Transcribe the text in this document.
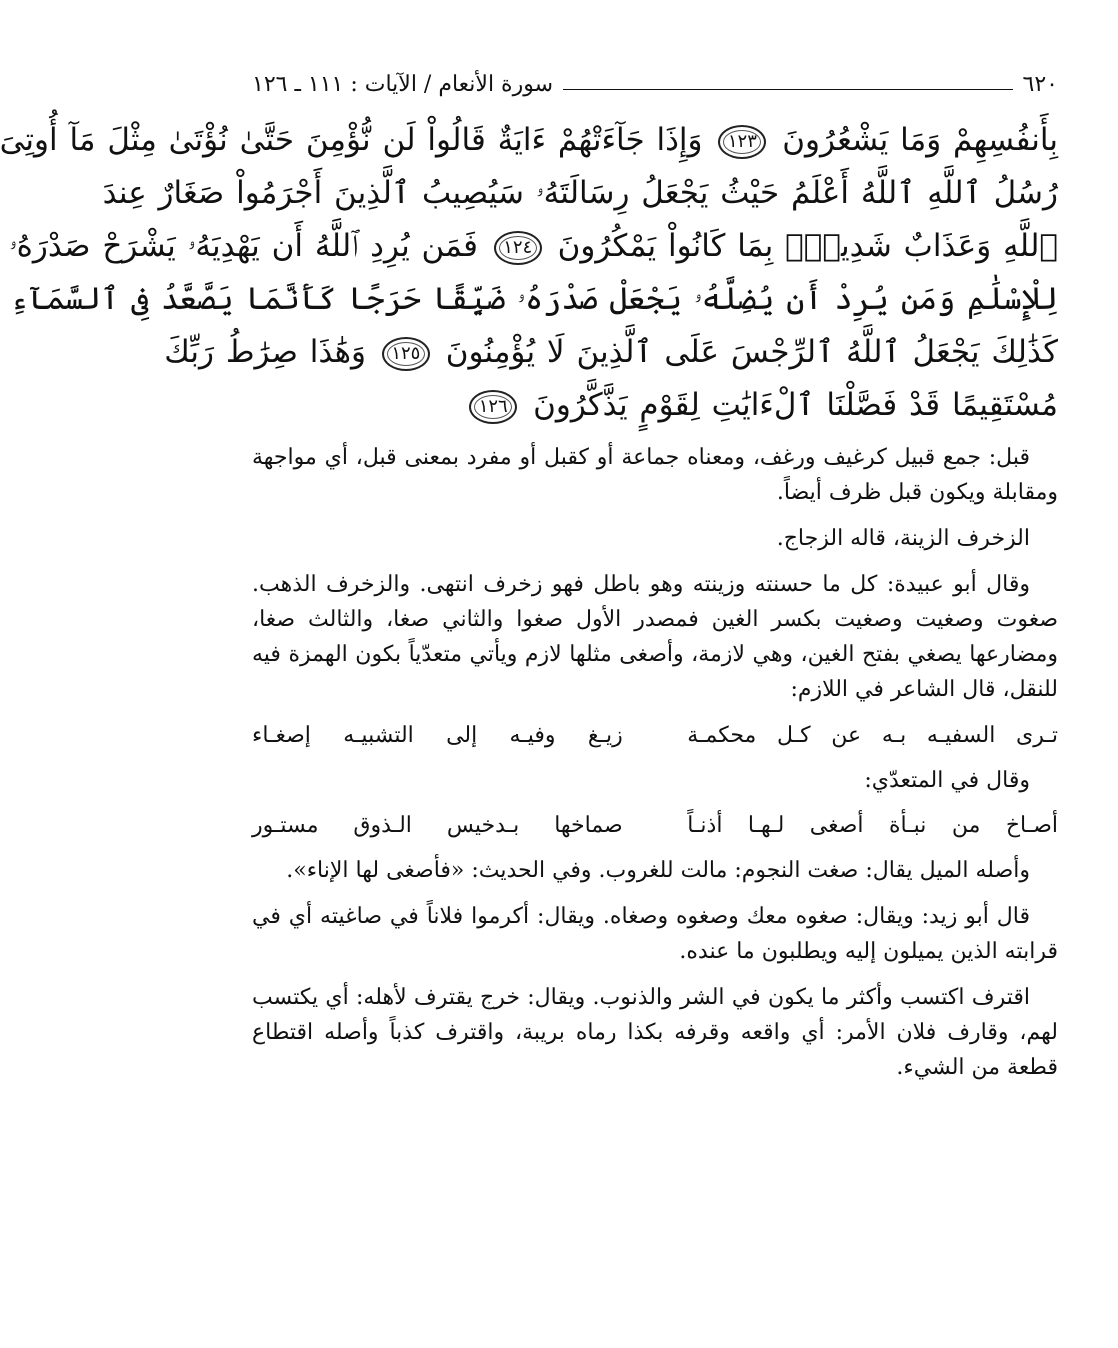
٦٢٠
سورة الأنعام / الآيات : ١١١ ـ ١٢٦
بِأَنفُسِهِمْ وَمَا يَشْعُرُونَ
١٢٣
وَإِذَا جَآءَتْهُمْ ءَايَةٌ قَالُواْ لَن نُّؤْمِنَ حَتَّىٰ نُؤْتَىٰ مِثْلَ مَآ أُوتِىَ
رُسُلُ ٱللَّهِ ٱللَّهُ أَعْلَمُ حَيْثُ يَجْعَلُ رِسَالَتَهُۥ سَيُصِيبُ ٱلَّذِينَ أَجْرَمُواْ صَغَارٌ عِندَ
ٱللَّهِ وَعَذَابٌ شَدِيدٌۢ بِمَا كَانُواْ يَمْكُرُونَ
١٢٤
فَمَن يُرِدِ ٱللَّهُ أَن يَهْدِيَهُۥ يَشْرَحْ صَدْرَهُۥ
لِلْإِسْلَٰمِ وَمَن يُرِدْ أَن يُضِلَّهُۥ يَجْعَلْ صَدْرَهُۥ ضَيِّقًا حَرَجًا كَأَنَّمَا يَصَّعَّدُ فِى ٱلسَّمَآءِ
كَذَٰلِكَ يَجْعَلُ ٱللَّهُ ٱلرِّجْسَ عَلَى ٱلَّذِينَ لَا يُؤْمِنُونَ
١٢٥
وَهَٰذَا صِرَٰطُ رَبِّكَ
مُسْتَقِيمًا قَدْ فَصَّلْنَا ٱلْءَايَٰتِ لِقَوْمٍ يَذَّكَّرُونَ
١٢٦

قبل: جمع قبيل كرغيف ورغف، ومعناه جماعة أو كقبل أو مفرد بمعنى قبل، أي مواجهة ومقابلة ويكون قبل ظرف أيضاً.

الزخرف الزينة، قاله الزجاج.

وقال أبو عبيدة: كل ما حسنته وزينته وهو باطل فهو زخرف انتهى. والزخرف الذهب. صغوت وصغيت وصغيت بكسر الغين فمصدر الأول صغوا والثاني صغا، والثالث صغا، ومضارعها يصغي بفتح الغين، وهي لازمة، وأصغى مثلها لازم ويأتي متعدّياً بكون الهمزة فيه للنقل، قال الشاعر في اللازم:

تـرى السفيـه بـه عن كـل محكمـة
زيـغ وفيـه إلى التشبيـه إصغـاء
وقال في المتعدّي:
أصـاخ من نبـأة أصغى لـهـا أذنـاً
صماخها بـدخيس الـذوق مستـور

وأصله الميل يقال: صغت النجوم: مالت للغروب. وفي الحديث: «فأصغى لها الإناء».

قال أبو زيد: ويقال: صغوه معك وصغوه وصغاه. ويقال: أكرموا فلاناً في صاغيته أي في قرابته الذين يميلون إليه ويطلبون ما عنده.

اقترف اكتسب وأكثر ما يكون في الشر والذنوب. ويقال: خرج يقترف لأهله: أي يكتسب لهم، وقارف فلان الأمر: أي واقعه وقرفه بكذا رماه بريبة، واقترف كذباً وأصله اقتطاع قطعة من الشيء.
